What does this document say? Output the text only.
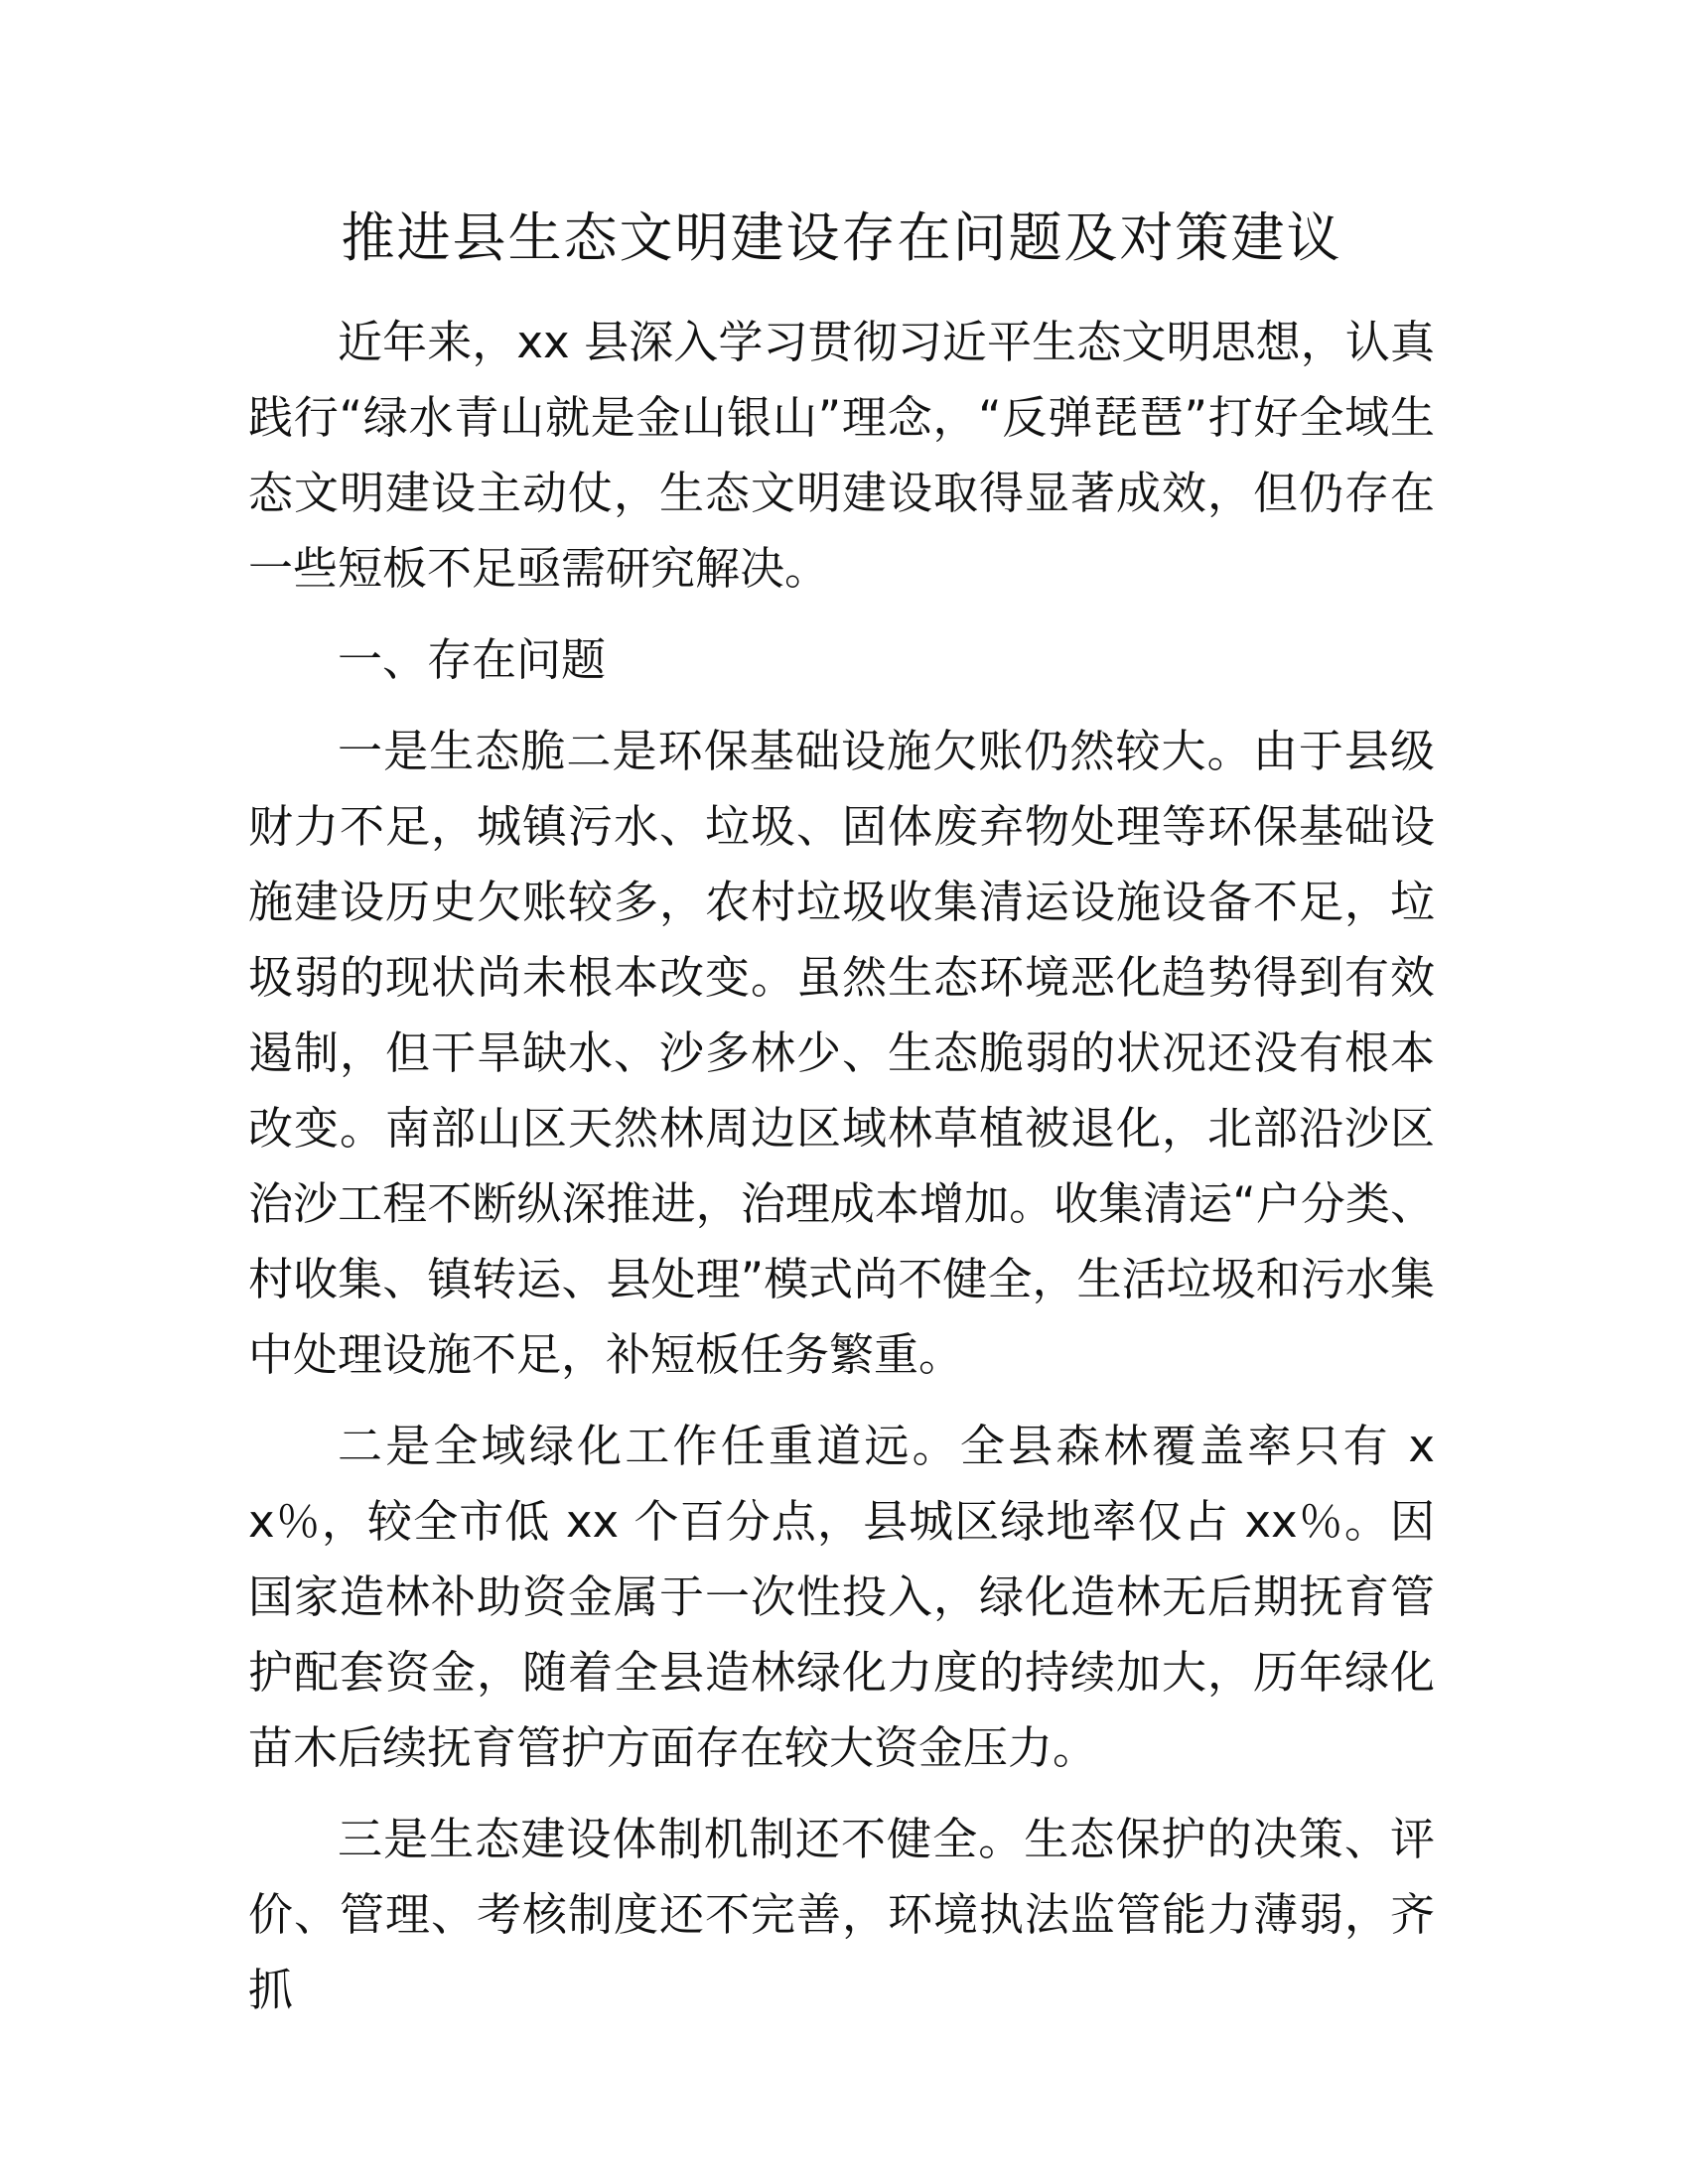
推进县生态文明建设存在问题及对策建议

近年来，xx 县深入学习贯彻习近平生态文明思想，认真践行“绿水青山就是金山银山”理念，“反弹琵琶”打好全域生态文明建设主动仗，生态文明建设取得显著成效，但仍存在一些短板不足亟需研究解决。

一、存在问题

一是生态脆二是环保基础设施欠账仍然较大。由于县级财力不足，城镇污水、垃圾、固体废弃物处理等环保基础设施建设历史欠账较多，农村垃圾收集清运设施设备不足，垃圾弱的现状尚未根本改变。虽然生态环境恶化趋势得到有效遏制，但干旱缺水、沙多林少、生态脆弱的状况还没有根本改变。南部山区天然林周边区域林草植被退化，北部沿沙区治沙工程不断纵深推进，治理成本增加。收集清运“户分类、村收集、镇转运、县处理”模式尚不健全，生活垃圾和污水集中处理设施不足，补短板任务繁重。

二是全域绿化工作任重道远。全县森林覆盖率只有 xx％，较全市低 xx 个百分点，县城区绿地率仅占 xx％。因国家造林补助资金属于一次性投入，绿化造林无后期抚育管护配套资金，随着全县造林绿化力度的持续加大，历年绿化苗木后续抚育管护方面存在较大资金压力。

三是生态建设体制机制还不健全。生态保护的决策、评价、管理、考核制度还不完善，环境执法监管能力薄弱，齐抓
